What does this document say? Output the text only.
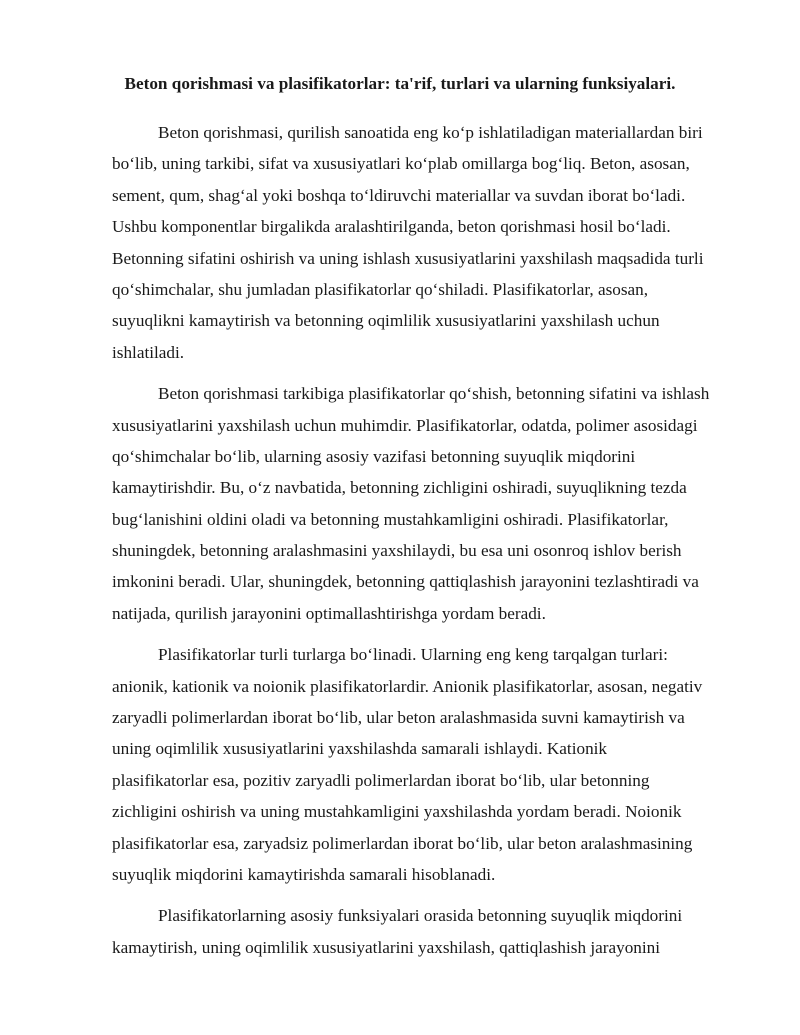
Beton qorishmasi va plasifikatorlar: ta'rif, turlari va ularning funksiyalari.
Beton qorishmasi, qurilish sanoatida eng ko‘p ishlatiladigan materiallardan biri
bo‘lib, uning tarkibi, sifat va xususiyatlari ko‘plab omillarga bog‘liq. Beton, asosan,
sement, qum, shag‘al yoki boshqa to‘ldiruvchi materiallar va suvdan iborat bo‘ladi.
Ushbu komponentlar birgalikda aralashtirilganda, beton qorishmasi hosil bo‘ladi.
Betonning sifatini oshirish va uning ishlash xususiyatlarini yaxshilash maqsadida turli
qo‘shimchalar, shu jumladan plasifikatorlar qo‘shiladi. Plasifikatorlar, asosan,
suyuqlikni kamaytirish va betonning oqimlilik xususiyatlarini yaxshilash uchun
ishlatiladi.
Beton qorishmasi tarkibiga plasifikatorlar qo‘shish, betonning sifatini va ishlash
xususiyatlarini yaxshilash uchun muhimdir. Plasifikatorlar, odatda, polimer asosidagi
qo‘shimchalar bo‘lib, ularning asosiy vazifasi betonning suyuqlik miqdorini
kamaytirishdir. Bu, o‘z navbatida, betonning zichligini oshiradi, suyuqlikning tezda
bug‘lanishini oldini oladi va betonning mustahkamligini oshiradi. Plasifikatorlar,
shuningdek, betonning aralashmasini yaxshilaydi, bu esa uni osonroq ishlov berish
imkonini beradi. Ular, shuningdek, betonning qattiqlashish jarayonini tezlashtiradi va
natijada, qurilish jarayonini optimallashtirishga yordam beradi.
Plasifikatorlar turli turlarga bo‘linadi. Ularning eng keng tarqalgan turlari:
anionik, kationik va noionik plasifikatorlardir. Anionik plasifikatorlar, asosan, negativ
zaryadli polimerlardan iborat bo‘lib, ular beton aralashmasida suvni kamaytirish va
uning oqimlilik xususiyatlarini yaxshilashda samarali ishlaydi. Kationik
plasifikatorlar esa, pozitiv zaryadli polimerlardan iborat bo‘lib, ular betonning
zichligini oshirish va uning mustahkamligini yaxshilashda yordam beradi. Noionik
plasifikatorlar esa, zaryadsiz polimerlardan iborat bo‘lib, ular beton aralashmasining
suyuqlik miqdorini kamaytirishda samarali hisoblanadi.
Plasifikatorlarning asosiy funksiyalari orasida betonning suyuqlik miqdorini
kamaytirish, uning oqimlilik xususiyatlarini yaxshilash, qattiqlashish jarayonini
